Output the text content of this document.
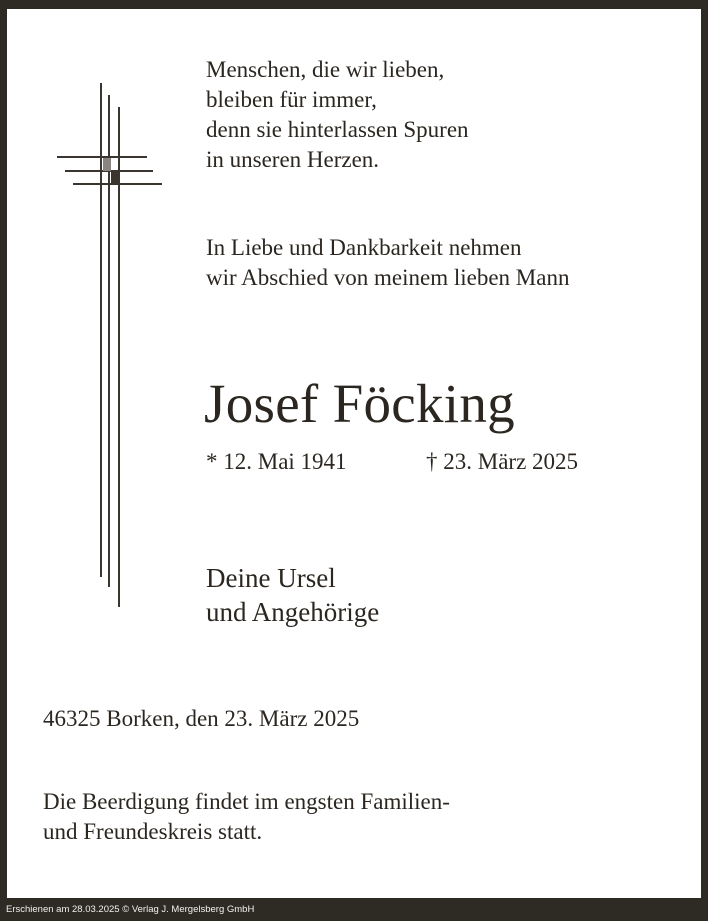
Menschen, die wir lieben,
bleiben für immer,
denn sie hinterlassen Spuren
in unseren Herzen.
In Liebe und Dankbarkeit nehmen
wir Abschied von meinem lieben Mann
Josef Föcking
* 12. Mai 1941	† 23. März 2025
Deine Ursel
und Angehörige
46325 Borken, den 23. März 2025
Die Beerdigung findet im engsten Familien-
und Freundeskreis statt.
Erschienen am 28.03.2025 © Verlag J. Mergelsberg GmbH
